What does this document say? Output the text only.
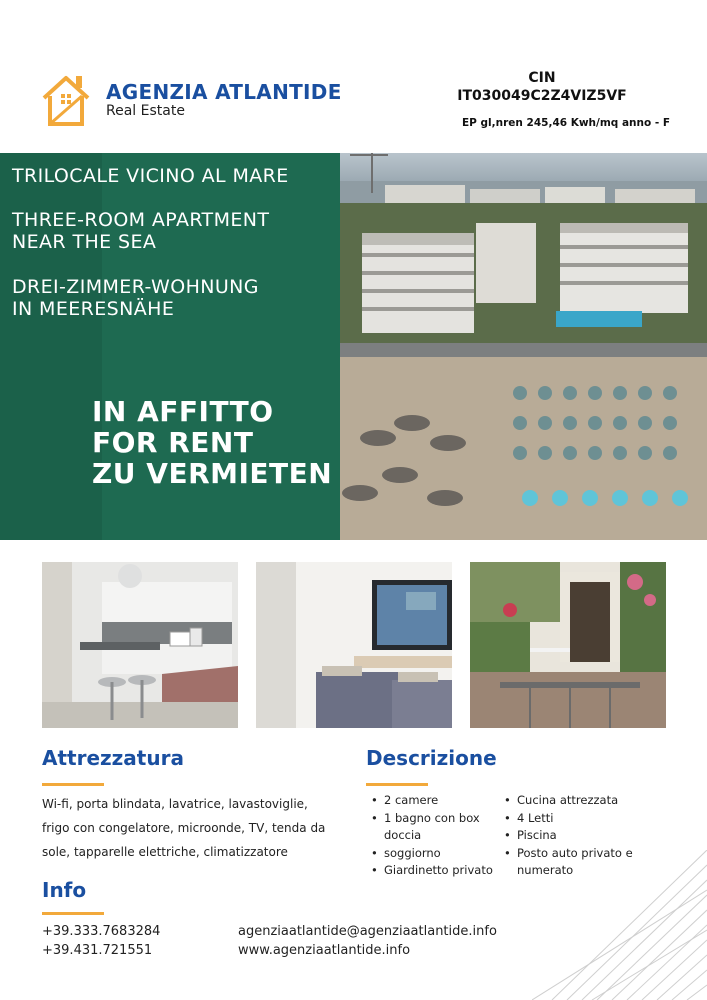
AGENZIA ATLANTIDE
Real Estate
CIN
IT030049C2Z4VIZ5VF
EP gl,nren 245,46 Kwh/mq anno - F
TRILOCALE VICINO AL MARE
THREE-ROOM APARTMENT
NEAR THE SEA
DREI-ZIMMER-WOHNUNG
IN MEERESNÄHE
IN AFFITTO
FOR RENT
ZU VERMIETEN
Attrezzatura
Wi-fi, porta blindata, lavatrice, lavastoviglie,
frigo con congelatore, microonde, TV, tenda da
sole, tapparelle elettriche, climatizzatore
Descrizione
• 2 camere
• 1 bagno con box
doccia
• soggiorno
• Giardinetto privato
• Cucina attrezzata
• 4 Letti
• Piscina
• Posto auto privato e
numerato
Info
+39.333.7683284
+39.431.721551
agenziaatlantide@agenziaatlantide.info
www.agenziaatlantide.info
